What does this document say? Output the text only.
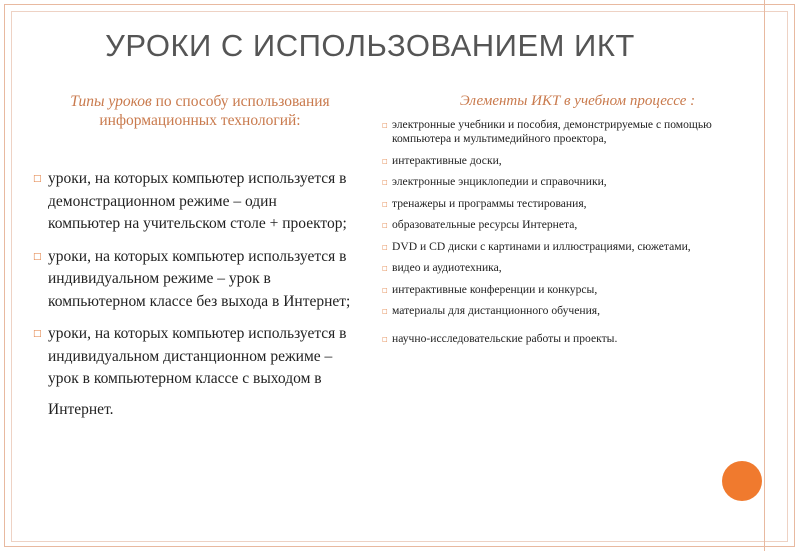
УРОКИ С ИСПОЛЬЗОВАНИЕМ ИКТ
Типы уроков по способу использования информационных технологий:
□ уроки, на которых компьютер используется в демонстрационном режиме – один компьютер на учительском столе + проектор;
□ уроки, на которых компьютер используется в индивидуальном режиме – урок в компьютерном классе без выхода в Интернет;
□ уроки, на которых компьютер используется в индивидуальном дистанционном режиме – урок в компьютерном классе с выходом в
Интернет.
Элементы ИКТ в учебном процессе :
□ электронные учебники и пособия, демонстрируемые с помощью компьютера и мультимедийного проектора,
□ интерактивные доски,
□ электронные энциклопедии и справочники,
□ тренажеры и программы тестирования,
□ образовательные ресурсы Интернета,
□ DVD и CD диски с картинами и иллюстрациями, сюжетами,
□ видео и аудиотехника,
□ интерактивные конференции и конкурсы,
□ материалы для дистанционного обучения,
□ научно-исследовательские работы и проекты.
